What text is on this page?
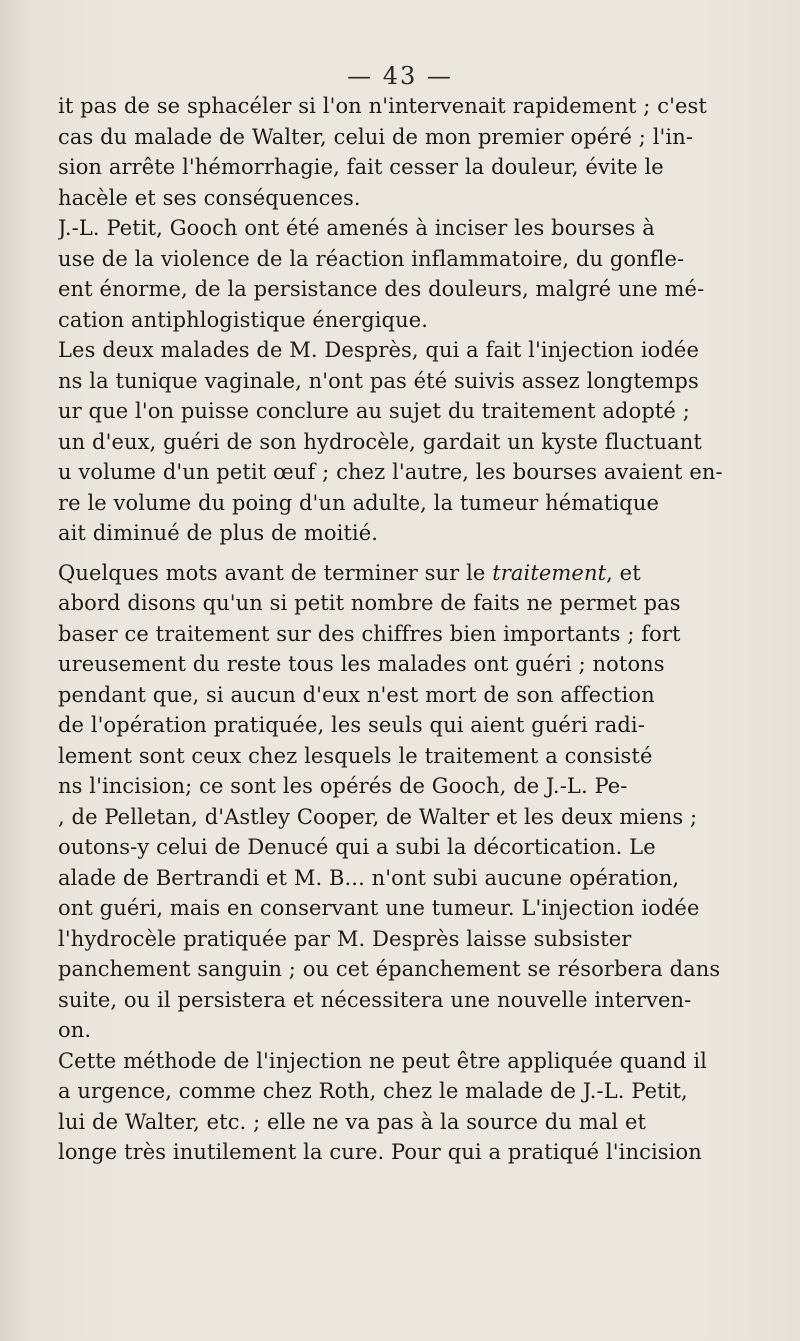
— 43 —
it pas de se sphacéler si l'on n'intervenait rapidement ; c'est
cas du malade de Walter, celui de mon premier opéré ; l'in-
sion arrête l'hémorrhagie, fait cesser la douleur, évite le
hacèle et ses conséquences.
J.-L. Petit, Gooch ont été amenés à inciser les bourses à
use de la violence de la réaction inflammatoire, du gonfle-
ent énorme, de la persistance des douleurs, malgré une mé-
cation antiphlogistique énergique.
Les deux malades de M. Desprès, qui a fait l'injection iodée
ns la tunique vaginale, n'ont pas été suivis assez longtemps
ur que l'on puisse conclure au sujet du traitement adopté ;
un d'eux, guéri de son hydrocèle, gardait un kyste fluctuant
u volume d'un petit œuf ; chez l'autre, les bourses avaient en-
re le volume du poing d'un adulte, la tumeur hématique
ait diminué de plus de moitié.
Quelques mots avant de terminer sur le traitement, et
abord disons qu'un si petit nombre de faits ne permet pas
baser ce traitement sur des chiffres bien importants ; fort
ureusement du reste tous les malades ont guéri ; notons
pendant que, si aucun d'eux n'est mort de son affection
de l'opération pratiquée, les seuls qui aient guéri radi-
lement sont ceux chez lesquels le traitement a consisté
ns l'incision; ce sont les opérés de Gooch, de J.-L. Pe-
, de Pelletan, d'Astley Cooper, de Walter et les deux miens ;
outons-y celui de Denucé qui a subi la décortication. Le
alade de Bertrandi et M. B... n'ont subi aucune opération,
ont guéri, mais en conservant une tumeur. L'injection iodée
l'hydrocèle pratiquée par M. Desprès laisse subsister
panchement sanguin ; ou cet épanchement se résorbera dans
suite, ou il persistera et nécessitera une nouvelle interven-
on.
Cette méthode de l'injection ne peut être appliquée quand il
a urgence, comme chez Roth, chez le malade de J.-L. Petit,
lui de Walter, etc. ; elle ne va pas à la source du mal et
longe très inutilement la cure. Pour qui a pratiqué l'incision
